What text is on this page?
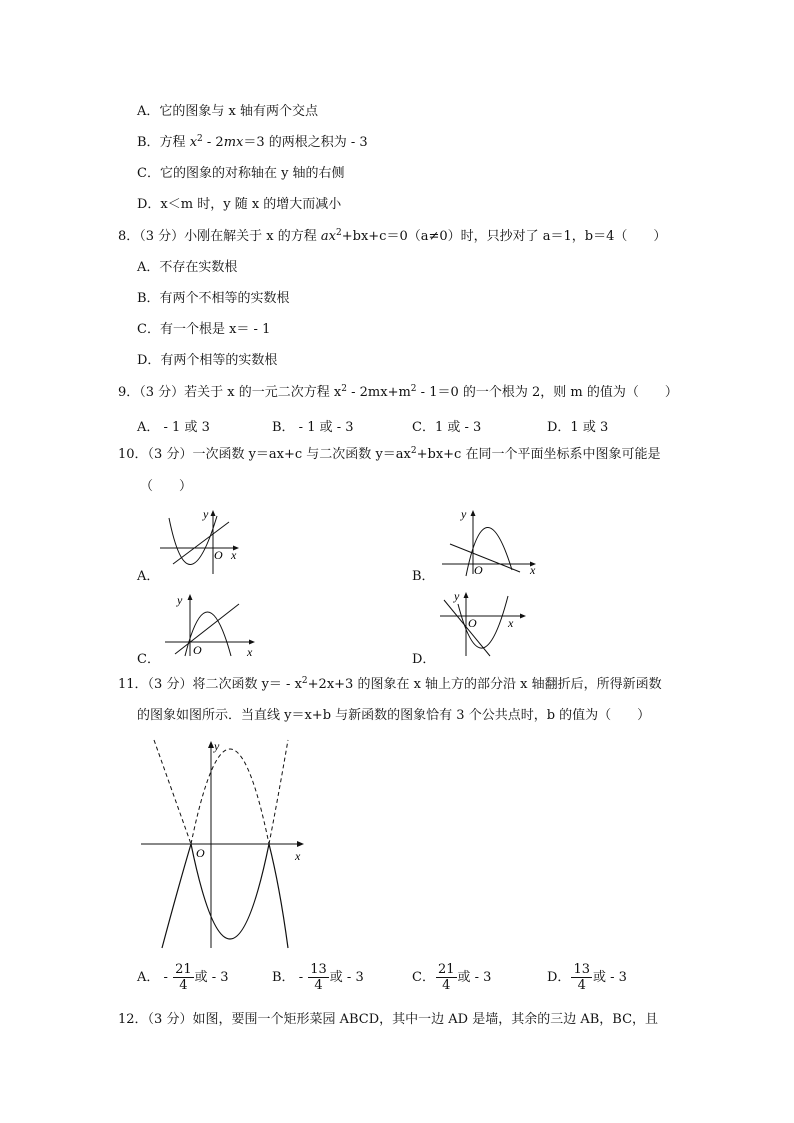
A．它的图象与 x 轴有两个交点
B．方程 $x^2 - 2mx=3$ 的两根之积为 - 3
C．它的图象的对称轴在 y 轴的右侧
D．x＜m 时，y 随 x 的增大而减小
8．（3 分）小刚在解关于 x 的方程 $ax^2+bx+c=0(a\ne 0)$时，只抄对了 a＝1，b＝4（　　）
A．不存在实数根
B．有两个不相等的实数根
C．有一个根是 x＝ - 1
D．有两个相等的实数根
9．（3 分）若关于 x 的一元二次方程 $x^2 - 2mx+m^2 - 1=0$ 的一个根为 2，则 m 的值为（　　）
A． - 1 或 3	B． - 1 或 - 3	C．1 或 - 3	D．1 或 3
10．（3 分）一次函数 y＝ax+c 与二次函数 $y=ax^2+bx+c$ 在同一个平面坐标系中图象可能是
（　　）
A．
y
O x
B．
y
O	x
C．
y
O	x	D．
y
O	x
11．（3 分）将二次函数 $y= - x^2+2x+3$ 的图象在 x 轴上方的部分沿 x 轴翻折后，所得新函数
的图象如图所示．当直线 y＝x+b 与新函数的图象恰有 3 个公共点时，b 的值为（　　）
y
O	x
A． - $\frac{21}{4}$ 或 - 3	B． - $\frac{13}{4}$ 或 - 3	C． $\frac{21}{4}$ 或 - 3	D． $\frac{13}{4}$ 或 - 3
12．（3 分）如图，要围一个矩形菜园 ABCD，其中一边 AD 是墙，其余的三边 AB，BC，且
